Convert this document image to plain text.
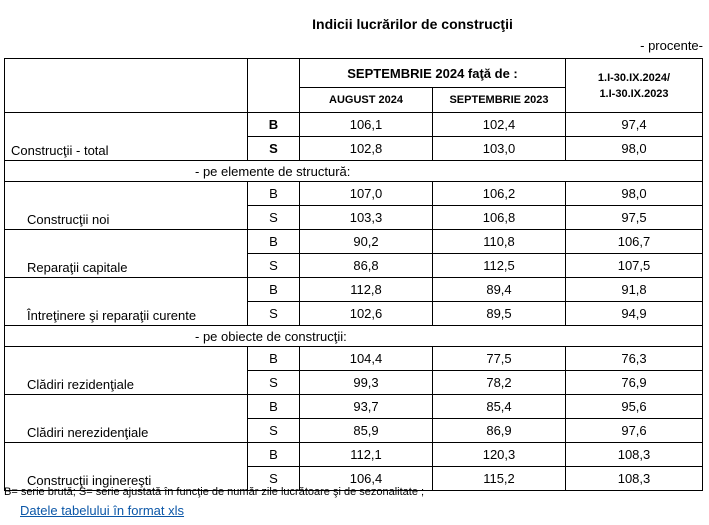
Indicii lucrărilor de construcţii
- procente-
		SEPTEMBRIE 2024 faţă de :		1.I-30.IX.2024/
1.I-30.IX.2023

		AUGUST 2024	SEPTEMBRIE 2023	
Construcţii - total	B	106,1	102,4	97,4
	S	102,8	103,0	98,0
- pe elemente de structură:				
Construcţii noi	B	107,0	106,2	98,0
	S	103,3	106,8	97,5
Reparaţii capitale	B	90,2	110,8	106,7
	S	86,8	112,5	107,5
Întreţinere şi reparaţii curente	B	112,8	89,4	91,8
	S	102,6	89,5	94,9
- pe obiecte de construcţii:				
Clădiri rezidenţiale	B	104,4	77,5	76,3
	S	99,3	78,2	76,9
Clădiri nerezidenţiale	B	93,7	85,4	95,6
	S	85,9	86,9	97,6
Construcţii inginereşti	B	112,1	120,3	108,3
	S	106,4	115,2	108,3
B= serie brută; S= serie ajustată în funcţie de număr zile lucrătoare şi de sezonalitate ;
Datele tabelului în format xls
